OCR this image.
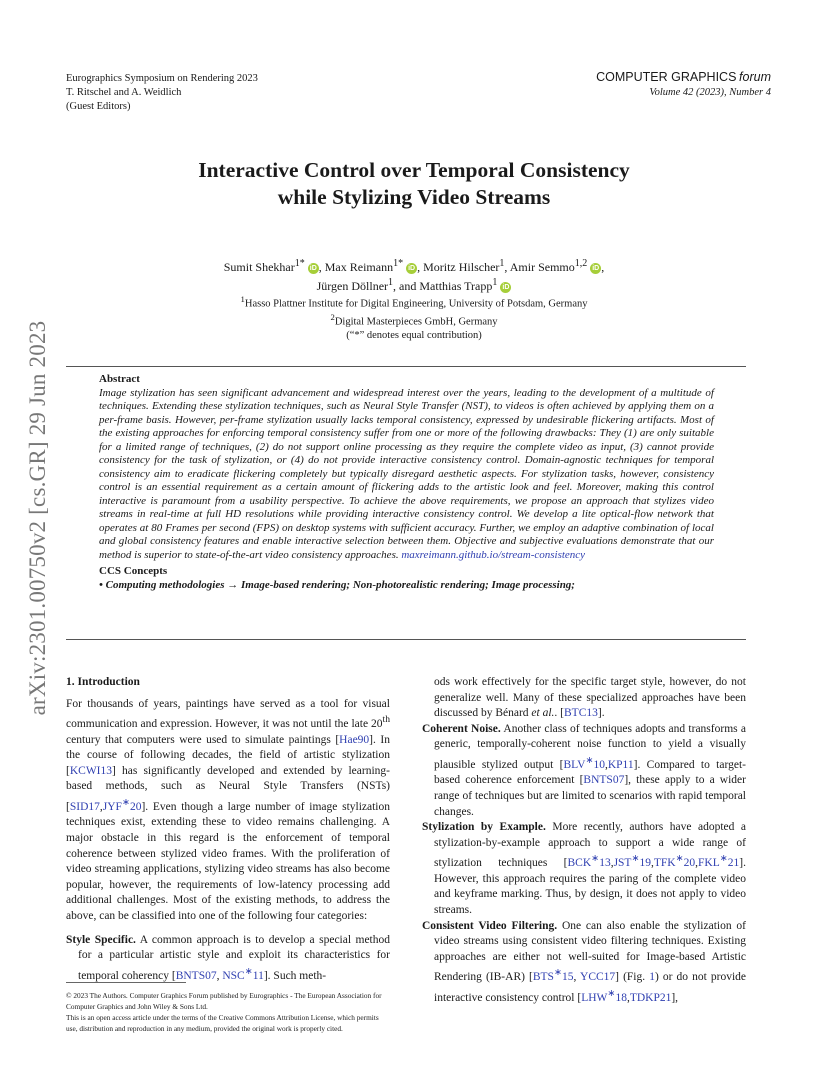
Eurographics Symposium on Rendering 2023
T. Ritschel and A. Weidlich
(Guest Editors)
COMPUTER GRAPHICS forum
Volume 42 (2023), Number 4
arXiv:2301.00750v2 [cs.GR] 29 Jun 2023
Interactive Control over Temporal Consistency
while Stylizing Video Streams
Sumit Shekhar$^{1*}$ iD , Max Reimann$^{1*}$ iD , Moritz Hilscher$^1$, Amir Semmo$^{1,2}$ iD ,
Jürgen Döllner$^1$, and Matthias Trapp$^1$ iD
$^1$Hasso Plattner Institute for Digital Engineering, University of Potsdam, Germany
$^2$Digital Masterpieces GmbH, Germany
(“*” denotes equal contribution)
Abstract
Image stylization has seen significant advancement and widespread interest over the years, leading to the development of a multitude of techniques. Extending these stylization techniques, such as Neural Style Transfer (NST), to videos is often achieved by applying them on a per-frame basis. However, per-frame stylization usually lacks temporal consistency, expressed by undesirable flickering artifacts. Most of the existing approaches for enforcing temporal consistency suffer from one or more of the following drawbacks: They (1) are only suitable for a limited range of techniques, (2) do not support online processing as they require the complete video as input, (3) cannot provide consistency for the task of stylization, or (4) do not provide interactive consistency control. Domain-agnostic techniques for temporal consistency aim to eradicate flickering completely but typically disregard aesthetic aspects. For stylization tasks, however, consistency control is an essential requirement as a certain amount of flickering adds to the artistic look and feel. Moreover, making this control interactive is paramount from a usability perspective. To achieve the above requirements, we propose an approach that stylizes video streams in real-time at full HD resolutions while providing interactive consistency control. We develop a lite optical-flow network that operates at 80 Frames per second (FPS) on desktop systems with sufficient accuracy. Further, we employ an adaptive combination of local and global consistency features and enable interactive selection between them. Objective and subjective evaluations demonstrate that our method is superior to state-of-the-art video consistency approaches. maxreimann.github.io/stream-consistency
CCS Concepts
• Computing methodologies → Image-based rendering; Non-photorealistic rendering; Image processing;
1. Introduction

For thousands of years, paintings have served as a tool for visual communication and expression. However, it was not until the late 20th century that computers were used to simulate paintings [Hae90]. In the course of following decades, the field of artistic stylization [KCWI13] has significantly developed and extended by learning-based methods, such as Neural Style Transfers (NSTs) [SID17,JYF∗20]. Even though a large number of image stylization techniques exist, extending these to video remains challenging. A major obstacle in this regard is the enforcement of temporal coherence between stylized video frames. With the proliferation of video streaming applications, stylizing video streams has also become popular, however, the requirements of low-latency processing add additional challenges. Most of the existing methods, to address the above, can be classified into one of the following four categories:

Style Specific. A common approach is to develop a special method for a particular artistic style and exploit its characteristics for temporal coherency [BNTS07, NSC∗11]. Such meth-

ods work effectively for the specific target style, however, do not generalize well. Many of these specialized approaches have been discussed by Bénard et al.. [BTC13].

Coherent Noise. Another class of techniques adopts and transforms a generic, temporally-coherent noise function to yield a visually plausible stylized output [BLV∗10,KP11]. Compared to target-based coherence enforcement [BNTS07], these apply to a wider range of techniques but are limited to scenarios with rapid temporal changes.

Stylization by Example. More recently, authors have adopted a stylization-by-example approach to support a wide range of stylization techniques [BCK∗13,JST∗19,TFK∗20,FKL∗21]. However, this approach requires the paring of the complete video and keyframe marking. Thus, by design, it does not apply to video streams.

Consistent Video Filtering. One can also enable the stylization of video streams using consistent video filtering techniques. Existing approaches are either not well-suited for Image-based Artistic Rendering (IB-AR) [BTS∗15, YCC17] (Fig. 1) or do not provide interactive consistency control [LHW∗18,TDKP21],

© 2023 The Authors. Computer Graphics Forum published by Eurographics - The European Association for Computer Graphics and John Wiley & Sons Ltd.
This is an open access article under the terms of the Creative Commons Attribution License, which permits use, distribution and reproduction in any medium, provided the original work is properly cited.
